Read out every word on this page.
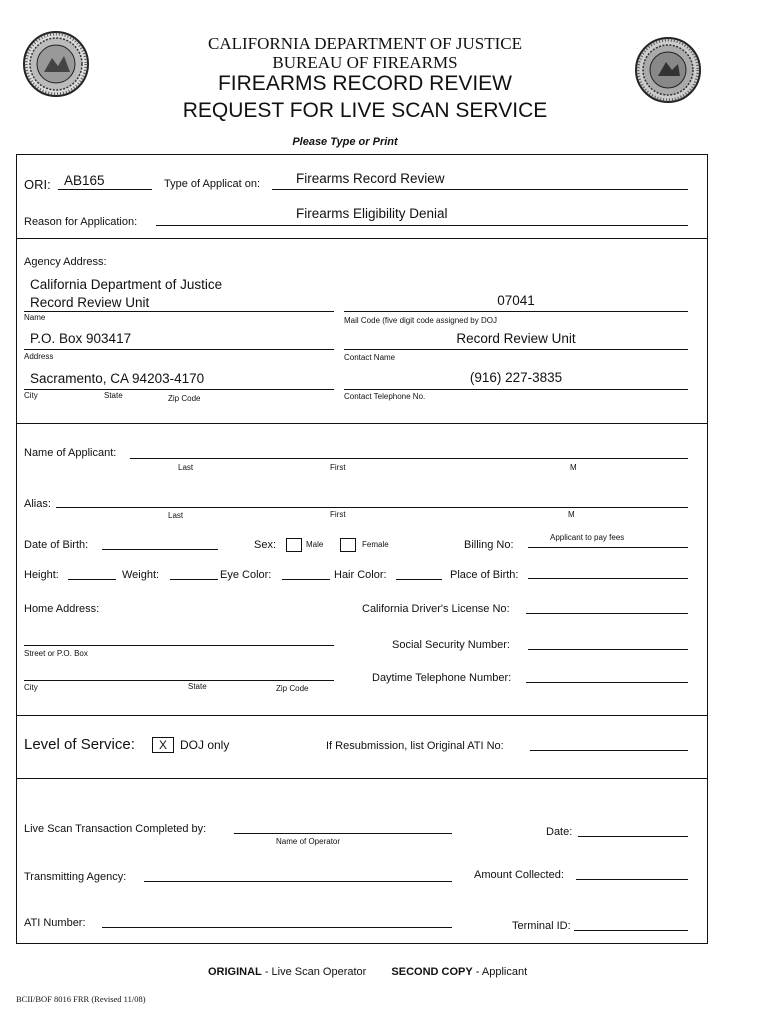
CALIFORNIA DEPARTMENT OF JUSTICE
BUREAU OF FIREARMS
FIREARMS RECORD REVIEW
REQUEST FOR LIVE SCAN SERVICE
Please Type or Print
ORI: AB165	Type of Applicat on:	Firearms Record Review
Reason for Application:
Firearms Eligibility Denial
Agency Address:
California Department of Justice
Record Review Unit
Name
P.O. Box 903417
Address
Sacramento, CA 94203-4170
City	State	Zip Code
07041
Mail Code (five digit code assigned by DOJ
Record Review Unit
Contact Name
(916) 227-3835
Contact Telephone No.
Name of Applicant:
Last	First	M
Alias:
Last	First	M
Date of Birth:	Sex:	Male	Female	Billing No:
Applicant to pay fees
Height:	Weight:	Eye Color:	Hair Color:	Place of Birth:
Home Address:	California Driver's License No:
Social Security Number:
Street or P.O. Box
Daytime Telephone Number:
City	State	Zip Code
Level of Service:	X	DOJ only	If Resubmission, list Original ATI No:
Live Scan Transaction Completed by:
Name of Operator
Date:
Transmitting Agency:	Amount Collected:
ATI Number:	Terminal ID:
ORIGINAL - Live Scan Operator SECOND COPY - Applicant
BCII/BOF 8016 FRR (Revised 11/08)
